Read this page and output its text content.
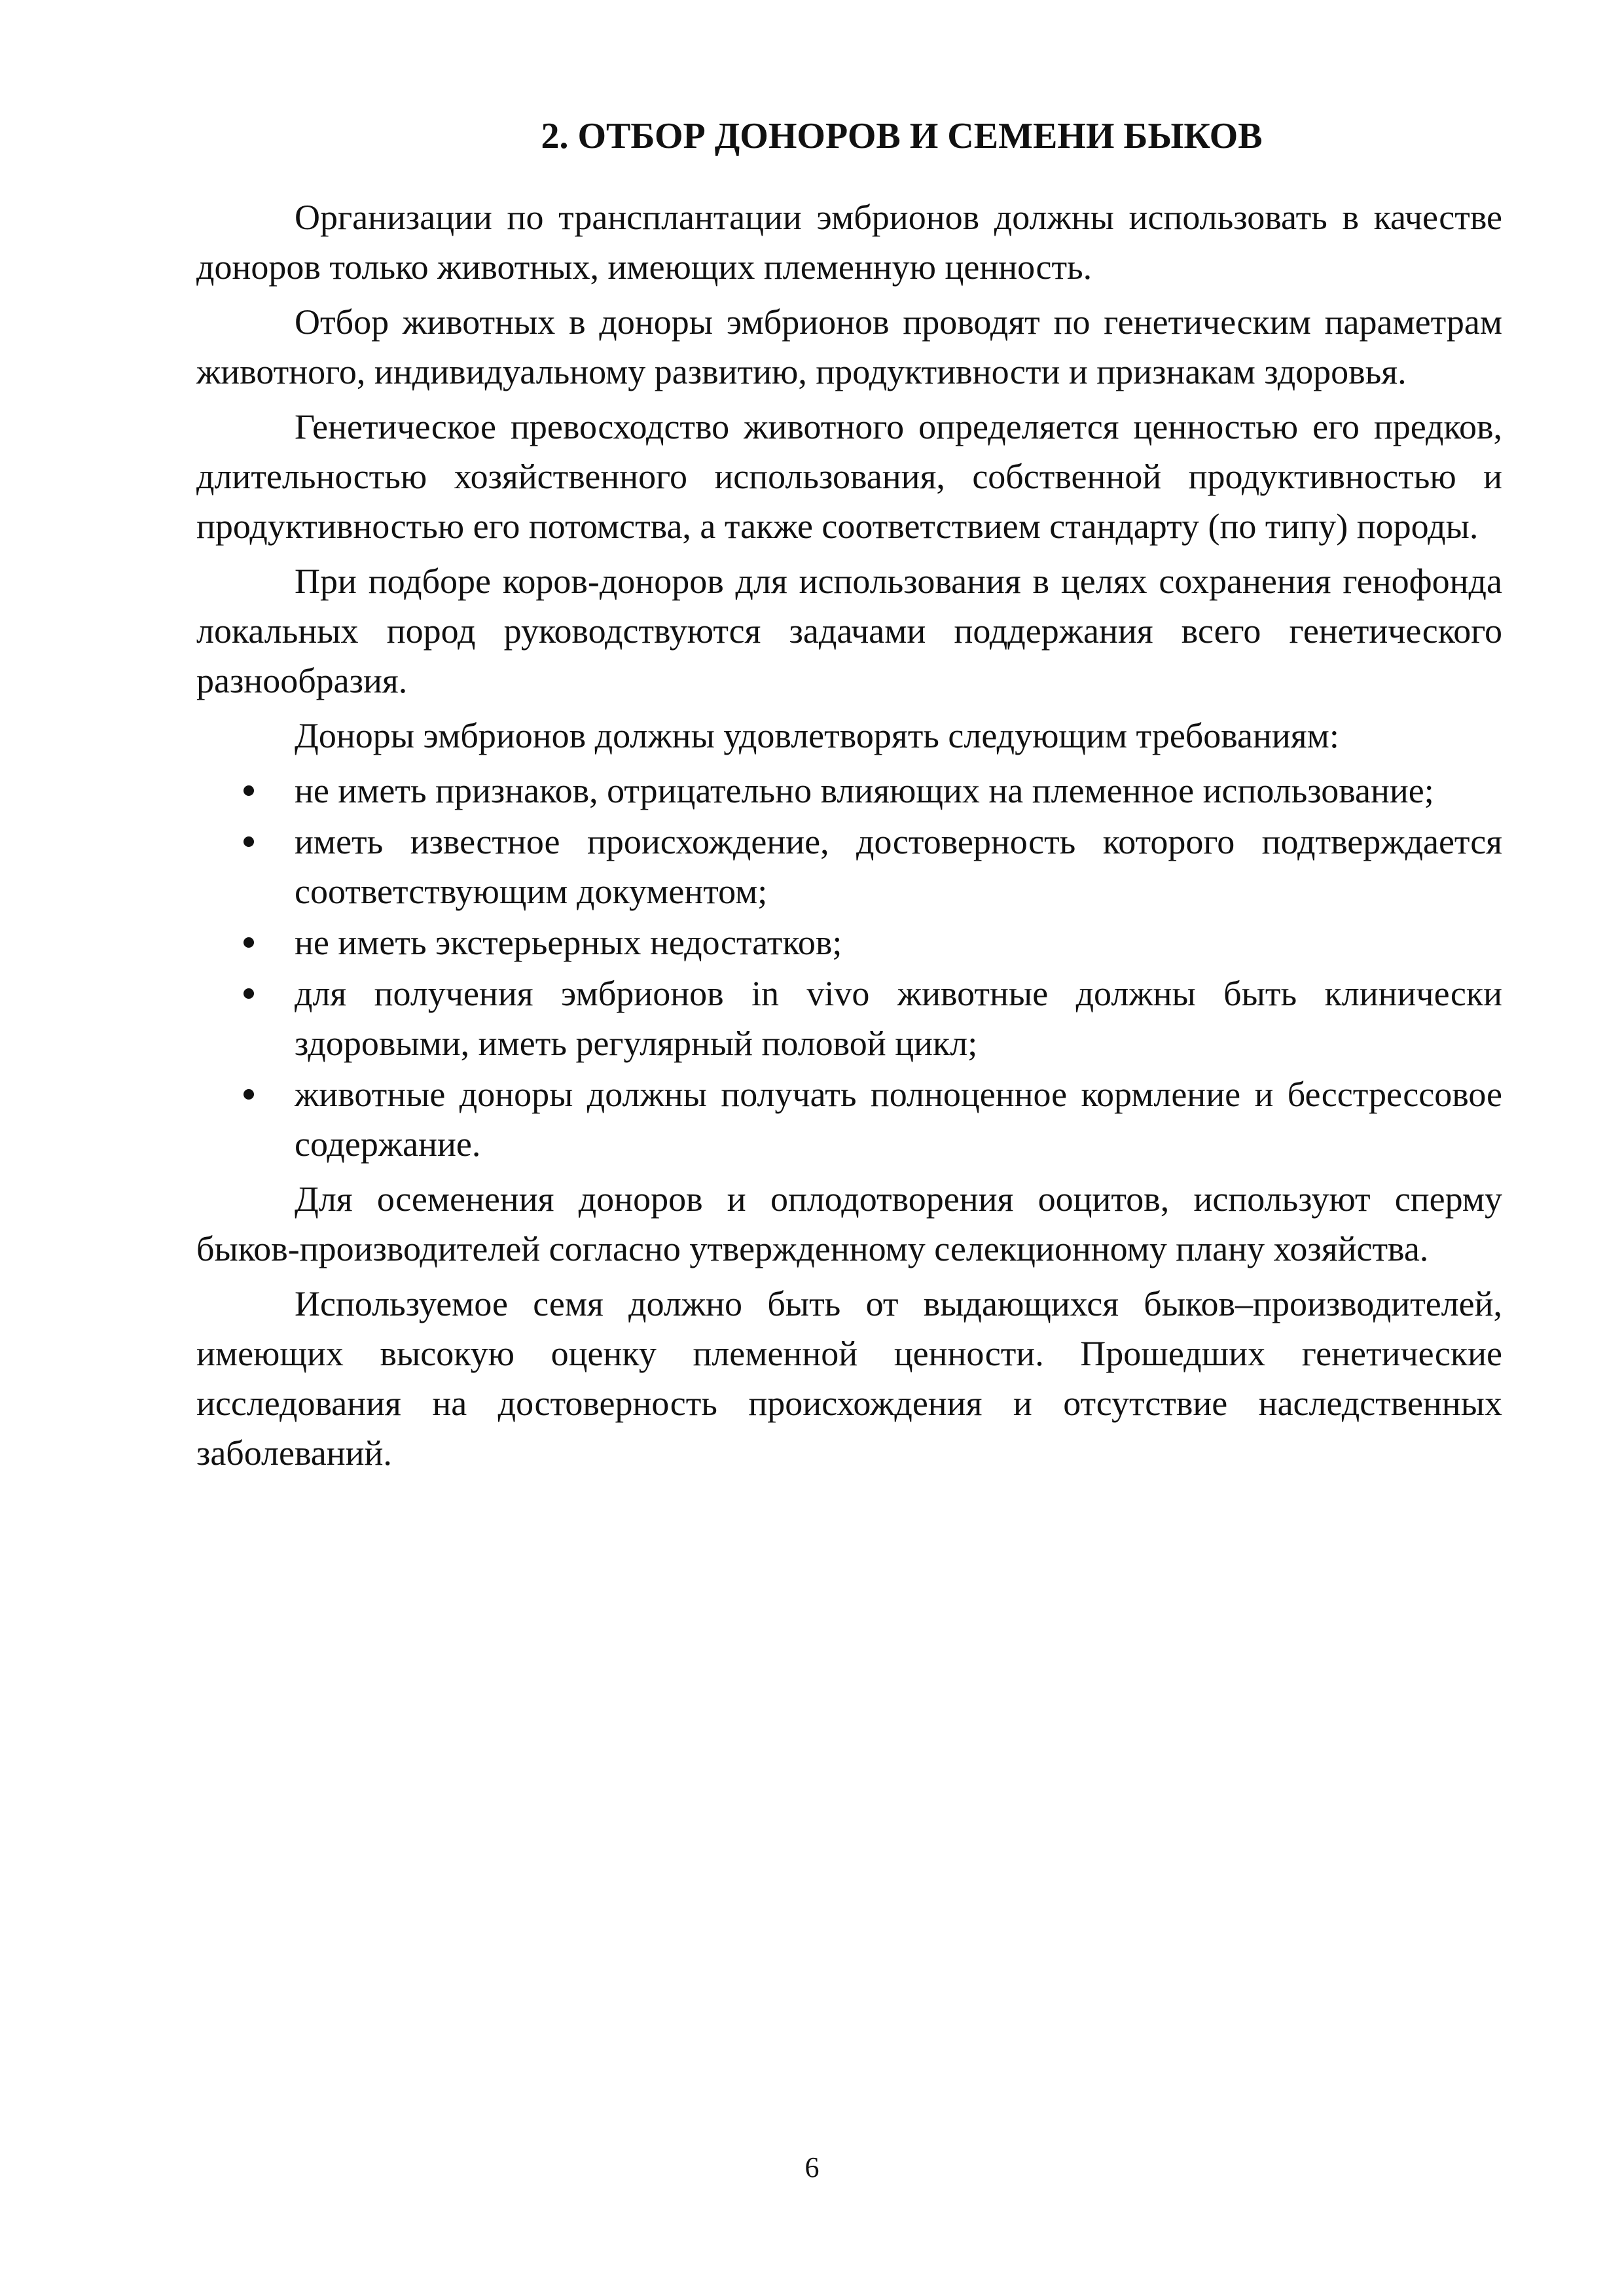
2. ОТБОР ДОНОРОВ И СЕМЕНИ БЫКОВ

Организации по трансплантации эмбрионов должны использовать в качестве доноров только животных, имеющих племенную ценность.

Отбор животных в доноры эмбрионов проводят по генетическим параметрам животного, индивидуальному развитию, продуктивности и признакам здоровья.

Генетическое превосходство животного определяется ценностью его предков, длительностью хозяйственного использования, собственной продуктивностью и продуктивностью его потомства, а также соответствием стандарту (по типу) породы.

При подборе коров-доноров для использования в целях сохранения генофонда локальных пород руководствуются задачами поддержания всего генетического разнообразия.

Доноры эмбрионов должны удовлетворять следующим требованиям:

не иметь признаков, отрицательно влияющих на племенное использование;
иметь известное происхождение, достоверность которого подтверждается соответствующим документом;
не иметь экстерьерных недостатков;
для получения эмбрионов in vivo животные должны быть клинически здоровыми, иметь регулярный половой цикл;
животные доноры должны получать полноценное кормление и бесстрессовое содержание.

Для осеменения доноров и оплодотворения ооцитов, используют сперму быков-производителей согласно утвержденному селекционному плану хозяйства.

Используемое семя должно быть от выдающихся быков–производителей, имеющих высокую оценку племенной ценности. Прошедших генетические исследования на достоверность происхождения и отсутствие наследственных заболеваний.

6
